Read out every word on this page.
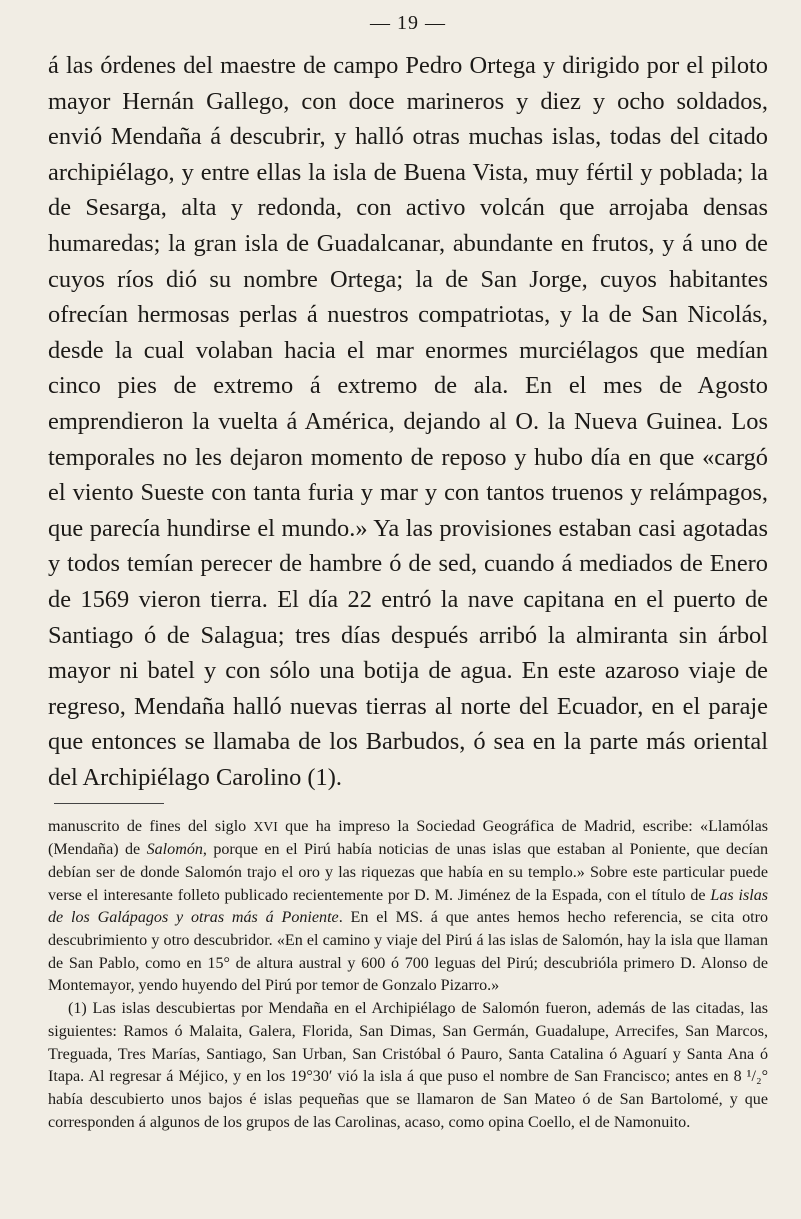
— 19 —

á las órdenes del maestre de campo Pedro Ortega y dirigido por el piloto mayor Hernán Gallego, con doce marineros y diez y ocho soldados, envió Mendaña á descubrir, y halló otras muchas islas, todas del citado archipiélago, y entre ellas la isla de Buena Vista, muy fértil y poblada; la de Sesarga, alta y redonda, con activo volcán que arrojaba densas humaredas; la gran isla de Guadalcanar, abundante en frutos, y á uno de cuyos ríos dió su nombre Ortega; la de San Jorge, cuyos habitantes ofrecían hermosas perlas á nuestros compatriotas, y la de San Nicolás, desde la cual volaban hacia el mar enormes murciélagos que medían cinco pies de extremo á extremo de ala. En el mes de Agosto emprendieron la vuelta á América, dejando al O. la Nueva Guinea. Los temporales no les dejaron momento de reposo y hubo día en que «cargó el viento Sueste con tanta furia y mar y con tantos truenos y relámpagos, que parecía hundirse el mundo.» Ya las provisiones estaban casi agotadas y todos temían perecer de hambre ó de sed, cuando á mediados de Enero de 1569 vieron tierra. El día 22 entró la nave capitana en el puerto de Santiago ó de Salagua; tres días después arribó la almiranta sin árbol mayor ni batel y con sólo una botija de agua. En este azaroso viaje de regreso, Mendaña halló nuevas tierras al norte del Ecuador, en el paraje que entonces se llamaba de los Barbudos, ó sea en la parte más oriental del Archipiélago Carolino (1).

manuscrito de fines del siglo XVI que ha impreso la Sociedad Geográfica de Madrid, escribe: «Llamólas (Mendaña) de Salomón, porque en el Pirú había noticias de unas islas que estaban al Poniente, que decían debían ser de donde Salomón trajo el oro y las riquezas que había en su templo.» Sobre este particular puede verse el interesante folleto publicado recientemente por D. M. Jiménez de la Espada, con el título de Las islas de los Galápagos y otras más á Poniente. En el MS. á que antes hemos hecho referencia, se cita otro descubrimiento y otro descubridor. «En el camino y viaje del Pirú á las islas de Salomón, hay la isla que llaman de San Pablo, como en 15° de altura austral y 600 ó 700 leguas del Pirú; descubrióla primero D. Alonso de Montemayor, yendo huyendo del Pirú por temor de Gonzalo Pizarro.»

(1) Las islas descubiertas por Mendaña en el Archipiélago de Salomón fueron, además de las citadas, las siguientes: Ramos ó Malaita, Galera, Florida, San Dimas, San Germán, Guadalupe, Arrecifes, San Marcos, Treguada, Tres Marías, Santiago, San Urban, San Cristóbal ó Pauro, Santa Catalina ó Aguarí y Santa Ana ó Itapa. Al regresar á Méjico, y en los 19°30′ vió la isla á que puso el nombre de San Francisco; antes en 8 ¹/₂° había descubierto unos bajos é islas pequeñas que se llamaron de San Mateo ó de San Bartolomé, y que corresponden á algunos de los grupos de las Carolinas, acaso, como opina Coello, el de Namonuito.
